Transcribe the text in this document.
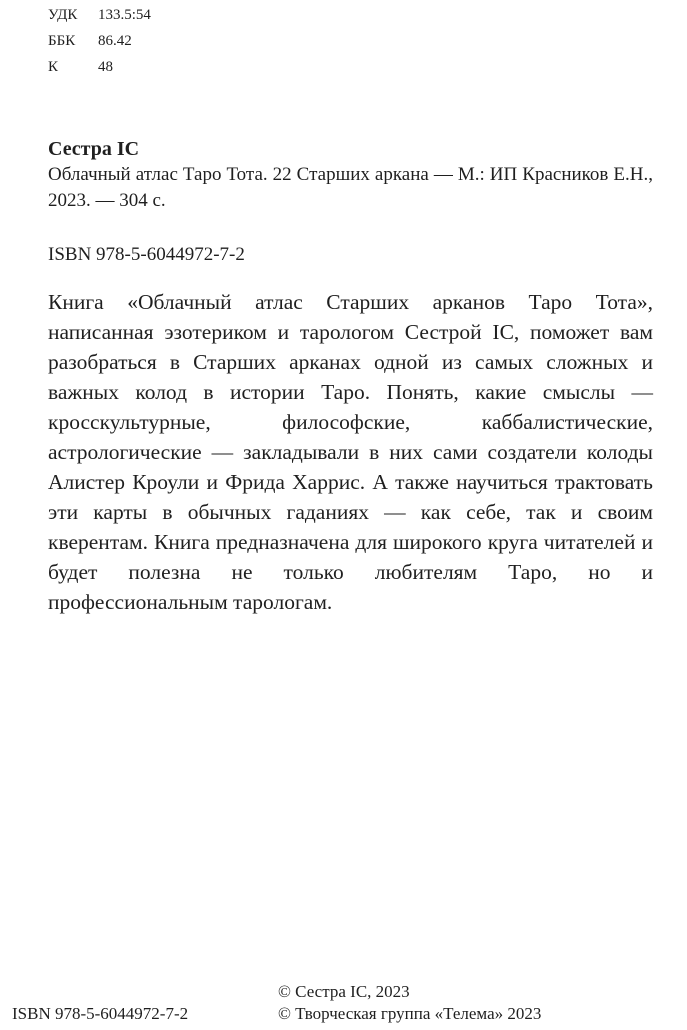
УДК	133.5:54
ББК	86.42
К	48

Сестра IC

Облачный атлас Таро Тота. 22 Старших аркана — М.: ИП Красников Е.Н., 2023. — 304 с.

ISBN 978-5-6044972-7-2

Книга «Облачный атлас Старших арканов Таро Тота», написанная эзотериком и тарологом Сестрой IC, поможет вам разобраться в Старших арканах одной из самых сложных и важных колод в истории Таро. Понять, какие смыслы — кросскультурные, философские, каббалистические, астрологические — закладывали в них сами создатели колоды Алистер Кроули и Фрида Харрис. А также научиться трактовать эти карты в обычных гаданиях — как себе, так и своим кверентам. Книга предназначена для широкого круга читателей и будет полезна не только любителям Таро, но и профессиональным тарологам.

ISBN 978-5-6044972-7-2

© Сестра IC, 2023

© Творческая группа «Телема» 2023
